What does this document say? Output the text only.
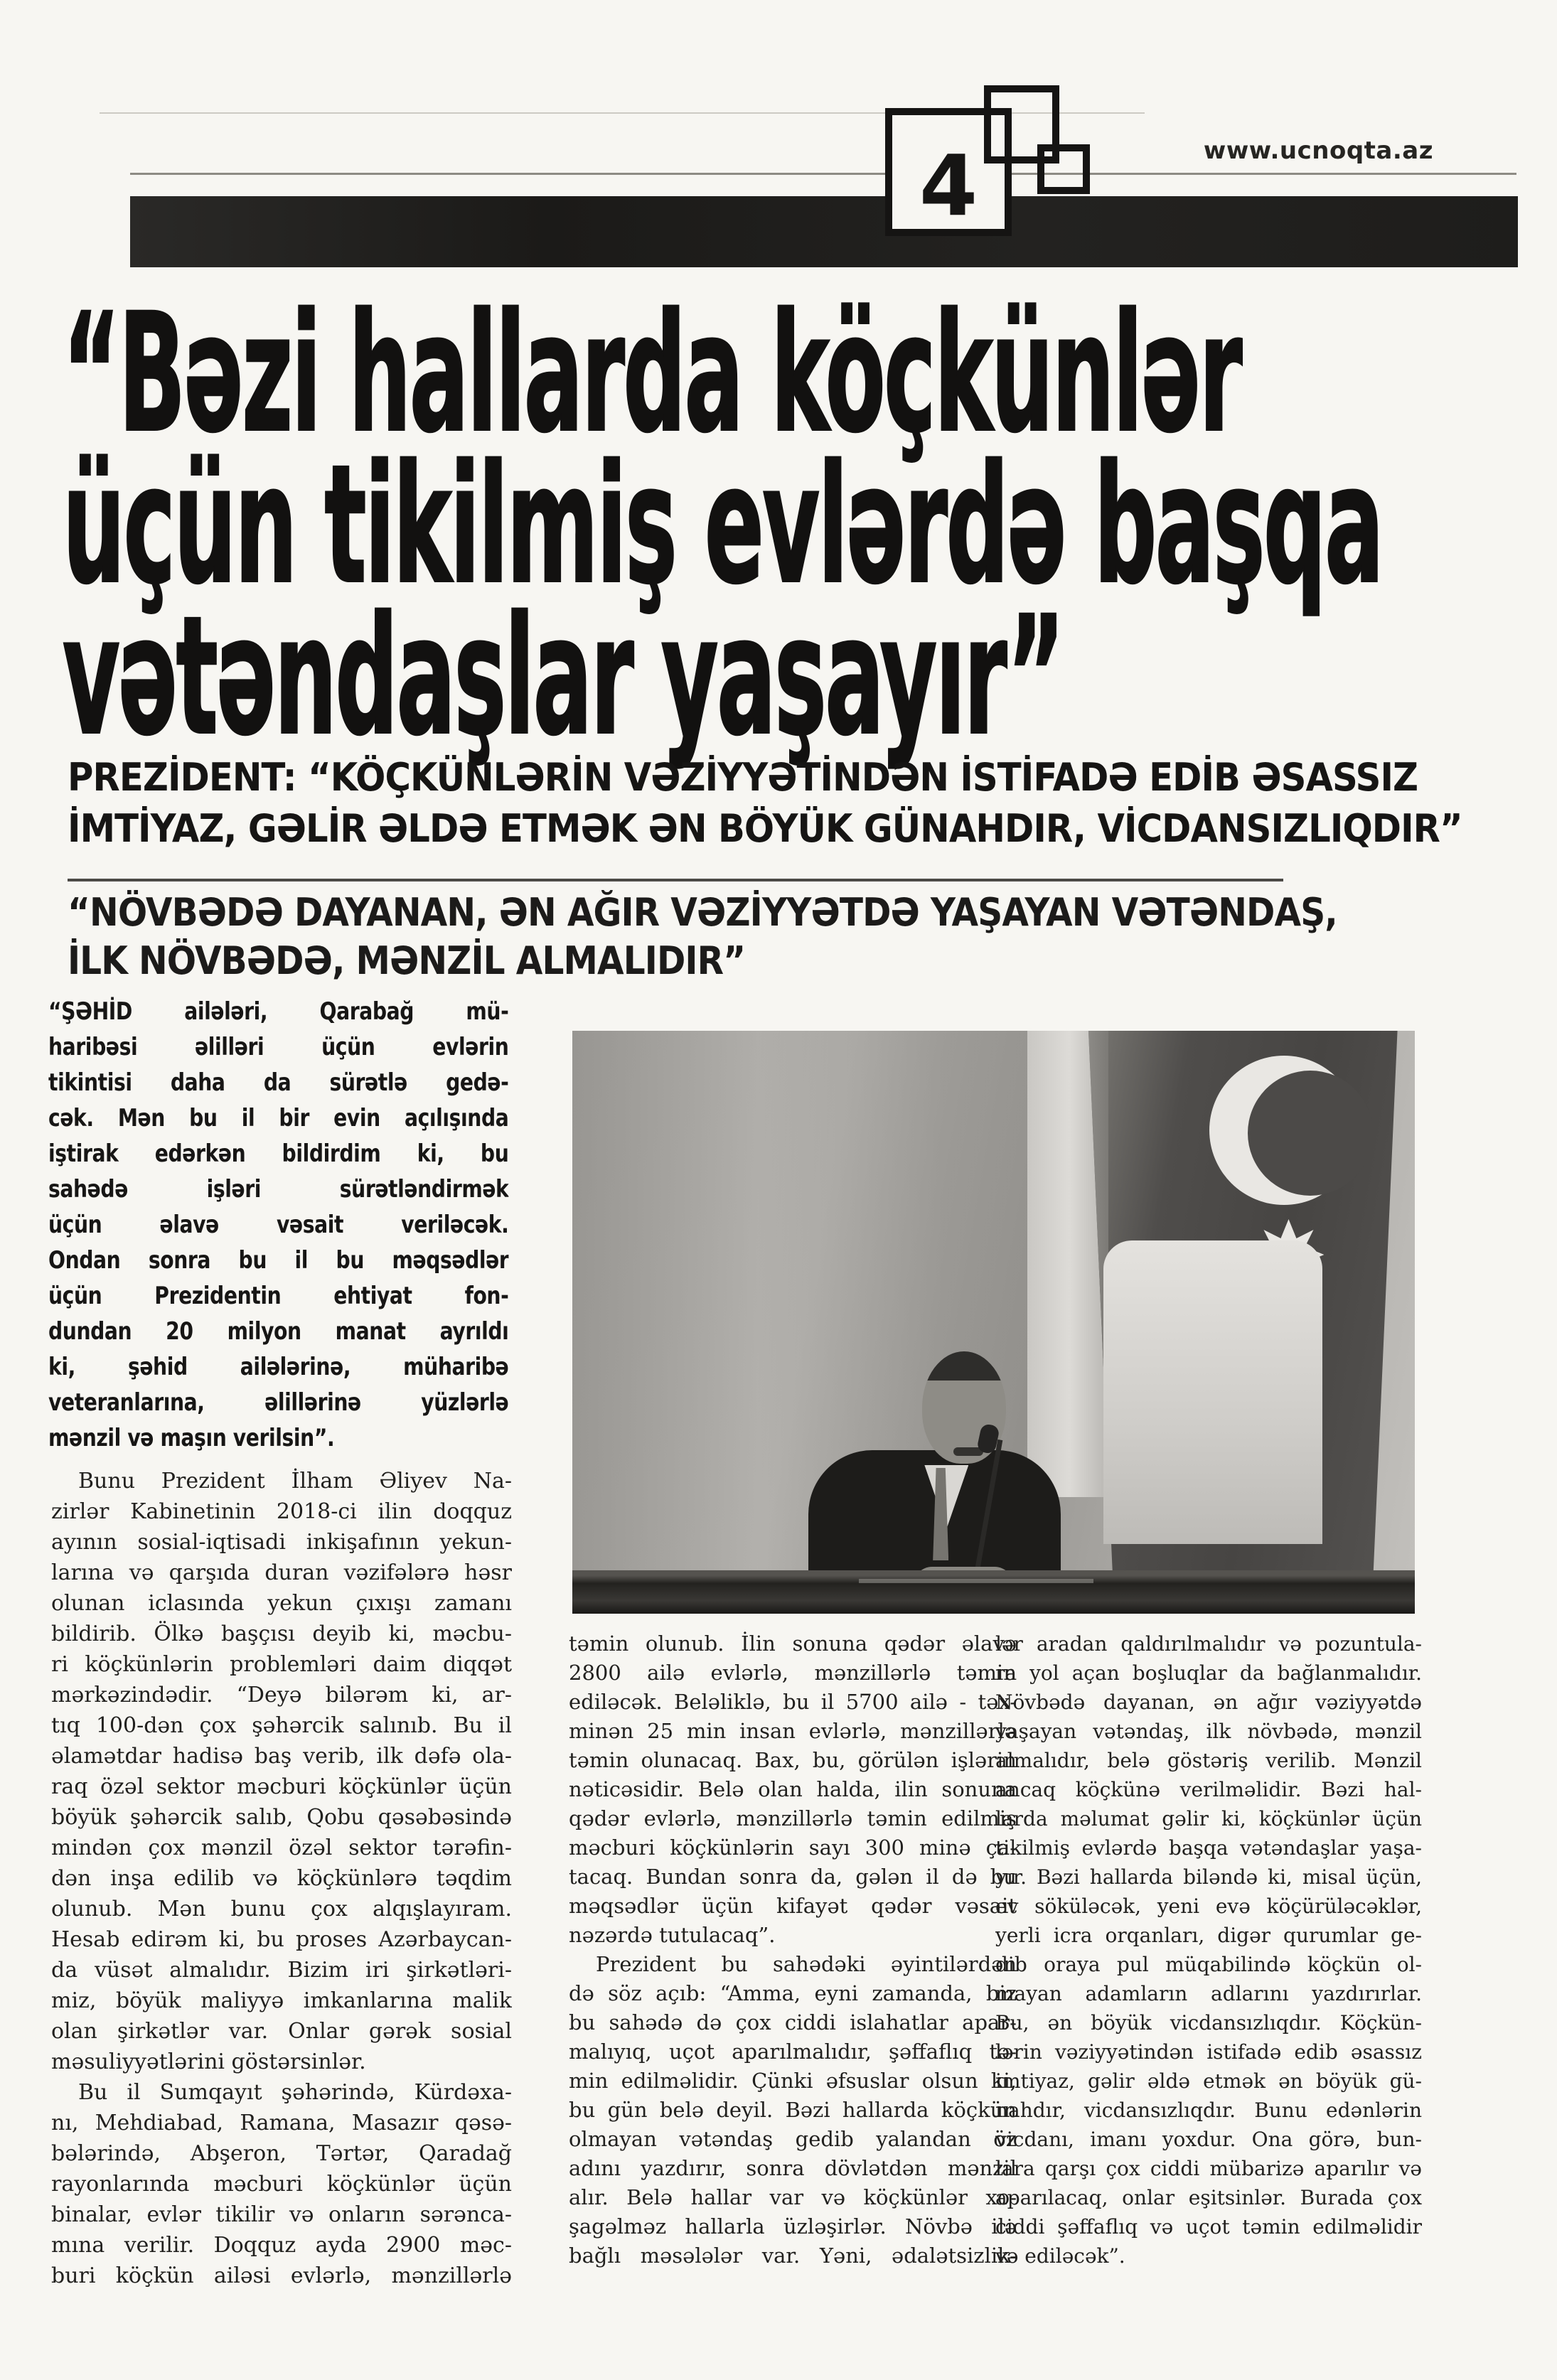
4	www.ucnoqta.az
“Bəzi hallarda köçkünlər
üçün tikilmiş evlərdə başqa
vətəndaşlar yaşayır”
PREZİDENT: “KÖÇKÜNLƏRİN VƏZİYYƏTİNDƏN İSTİFADƏ EDİB ƏSASSIZ
İMTİYAZ, GƏLİR ƏLDƏ ETMƏK ƏN BÖYÜK GÜNAHDIR, VİCDANSIZLIQDIR”
“NÖVBƏDƏ DAYANAN, ƏN AĞIR VƏZİYYƏTDƏ YAŞAYAN VƏTƏNDAŞ,
İLK NÖVBƏDƏ, MƏNZİL ALMALIDIR”
“ŞƏHİD ailələri, Qarabağ mü-
haribəsi əlilləri üçün evlərin
tikintisi daha da sürətlə gedə-
cək. Mən bu il bir evin açılışında
iştirak edərkən bildirdim ki, bu
sahədə işləri sürətləndirmək
üçün əlavə vəsait veriləcək.
Ondan sonra bu il bu məqsədlər
üçün Prezidentin ehtiyat fon-
dundan 20 milyon manat ayrıldı
ki, şəhid ailələrinə, müharibə
veteranlarına, əlillərinə yüzlərlə
mənzil və maşın verilsin”.
Bunu Prezident İlham Əliyev Na-
zirlər Kabinetinin 2018-ci ilin doqquz
ayının sosial-iqtisadi inkişafının yekun-
larına və qarşıda duran vəzifələrə həsr
olunan iclasında yekun çıxışı zamanı
bildirib. Ölkə başçısı deyib ki, məcbu-
ri köçkünlərin problemləri daim diqqət
mərkəzindədir. “Deyə bilərəm ki, ar-
tıq 100-dən çox şəhərcik salınıb. Bu il
əlamətdar hadisə baş verib, ilk dəfə ola-
raq özəl sektor məcburi köçkünlər üçün
böyük şəhərcik salıb, Qobu qəsəbəsində
mindən çox mənzil özəl sektor tərəfin-
dən inşa edilib və köçkünlərə təqdim
olunub. Mən bunu çox alqışlayıram.
Hesab edirəm ki, bu proses Azərbaycan-
da vüsət almalıdır. Bizim iri şirkətləri-
miz, böyük maliyyə imkanlarına malik
olan şirkətlər var. Onlar gərək sosial
məsuliyyətlərini göstərsinlər.
Bu il Sumqayıt şəhərində, Kürdəxa-
nı, Mehdiabad, Ramana, Masazır qəsə-
bələrində, Abşeron, Tərtər, Qaradağ
rayonlarında məcburi köçkünlər üçün
binalar, evlər tikilir və onların sərənca-
mına verilir. Doqquz ayda 2900 məc-
buri köçkün ailəsi evlərlə, mənzillərlə
təmin olunub. İlin sonuna qədər əlavə
2800 ailə evlərlə, mənzillərlə təmin
ediləcək. Beləliklə, bu il 5700 ailə - təx-
minən 25 min insan evlərlə, mənzillərlə
təmin olunacaq. Bax, bu, görülən işlərin
nəticəsidir. Belə olan halda, ilin sonuna
qədər evlərlə, mənzillərlə təmin edilmiş
məcburi köçkünlərin sayı 300 minə ça-
tacaq. Bundan sonra da, gələn il də bu
məqsədlər üçün kifayət qədər vəsait
nəzərdə tutulacaq”.
Prezident bu sahədəki əyintilərdən
də söz açıb: “Amma, eyni zamanda, biz
bu sahədə də çox ciddi islahatlar apar-
malıyıq, uçot aparılmalıdır, şəffaflıq tə-
min edilməlidir. Çünki əfsuslar olsun ki,
bu gün belə deyil. Bəzi hallarda köçkün
olmayan vətəndaş gedib yalandan öz
adını yazdırır, sonra dövlətdən mənzil
alır. Belə hallar var və köçkünlər xo-
şagəlməz hallarla üzləşirlər. Növbə ilə
bağlı məsələlər var. Yəni, ədalətsizlik-
lər aradan qaldırılmalıdır və pozuntula-
ra yol açan boşluqlar da bağlanmalıdır.
Növbədə dayanan, ən ağır vəziyyətdə
yaşayan vətəndaş, ilk növbədə, mənzil
almalıdır, belə göstəriş verilib. Mənzil
ancaq köçkünə verilməlidir. Bəzi hal-
larda məlumat gəlir ki, köçkünlər üçün
tikilmiş evlərdə başqa vətəndaşlar yaşa-
yır. Bəzi hallarda biləndə ki, misal üçün,
ev söküləcək, yeni evə köçürüləcəklər,
yerli icra orqanları, digər qurumlar ge-
dib oraya pul müqabilində köçkün ol-
mayan adamların adlarını yazdırırlar.
Bu, ən böyük vicdansızlıqdır. Köçkün-
lərin vəziyyətindən istifadə edib əsassız
imtiyaz, gəlir əldə etmək ən böyük gü-
nahdır, vicdansızlıqdır. Bunu edənlərin
vicdanı, imanı yoxdur. Ona görə, bun-
lara qarşı çox ciddi mübarizə aparılır və
aparılacaq, onlar eşitsinlər. Burada çox
ciddi şəffaflıq və uçot təmin edilməlidir
və ediləcək”.
